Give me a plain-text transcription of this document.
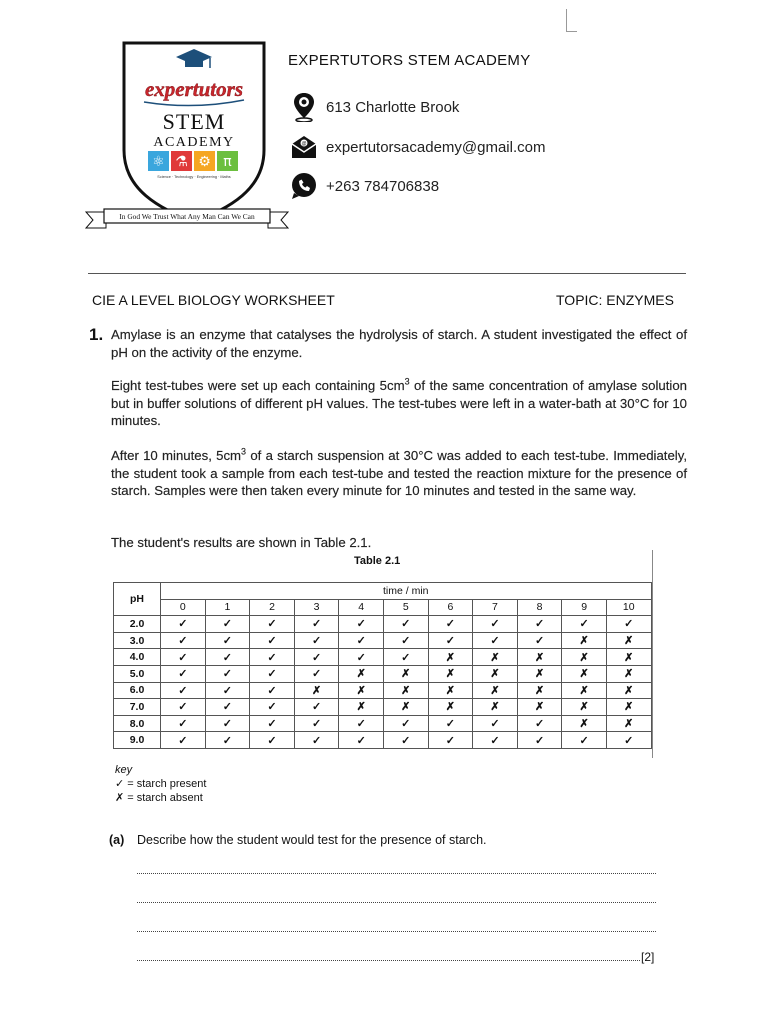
expertutors
STEM
ACADEMY
⚛ ⚗ ⚙ π
Science · Technology · Engineering · Maths
In God We Trust What Any Man Can We Can
EXPERTUTORS STEM ACADEMY
613 Charlotte Brook
@ expertutorsacademy@gmail.com
+263 784706838
CIE A LEVEL BIOLOGY WORKSHEET	TOPIC: ENZYMES
1. Amylase is an enzyme that catalyses the hydrolysis of starch. A student investigated the effect of pH on the activity of the enzyme.
Eight test-tubes were set up each containing $5cm^3$ of the same concentration of amylase solution but in buffer solutions of different pH values. The test-tubes were left in a water-bath at 30°C for 10 minutes.
After 10 minutes, $5cm^3$ of a starch suspension at 30°C was added to each test-tube. Immediately, the student took a sample from each test-tube and tested the reaction mixture for the presence of starch. Samples were then taken every minute for 10 minutes and tested in the same way.
The student's results are shown in Table 2.1.
Table 2.1
pH	time / min										
	0	1	2	3	4	5	6	7	8	9	10
2.0	✓	✓	✓	✓	✓	✓	✓	✓	✓	✓	✓
3.0	✓	✓	✓	✓	✓	✓	✓	✓	✓	✗	✗
4.0	✓	✓	✓	✓	✓	✓	✗	✗	✗	✗	✗
5.0	✓	✓	✓	✓	✗	✗	✗	✗	✗	✗	✗
6.0	✓	✓	✓	✗	✗	✗	✗	✗	✗	✗	✗
7.0	✓	✓	✓	✓	✗	✗	✗	✗	✗	✗	✗
8.0	✓	✓	✓	✓	✓	✓	✓	✓	✓	✗	✗
9.0	✓	✓	✓	✓	✓	✓	✓	✓	✓	✓	✓
key
✓ = starch present
✗ = starch absent
(a) Describe how the student would test for the presence of starch.
[2]
